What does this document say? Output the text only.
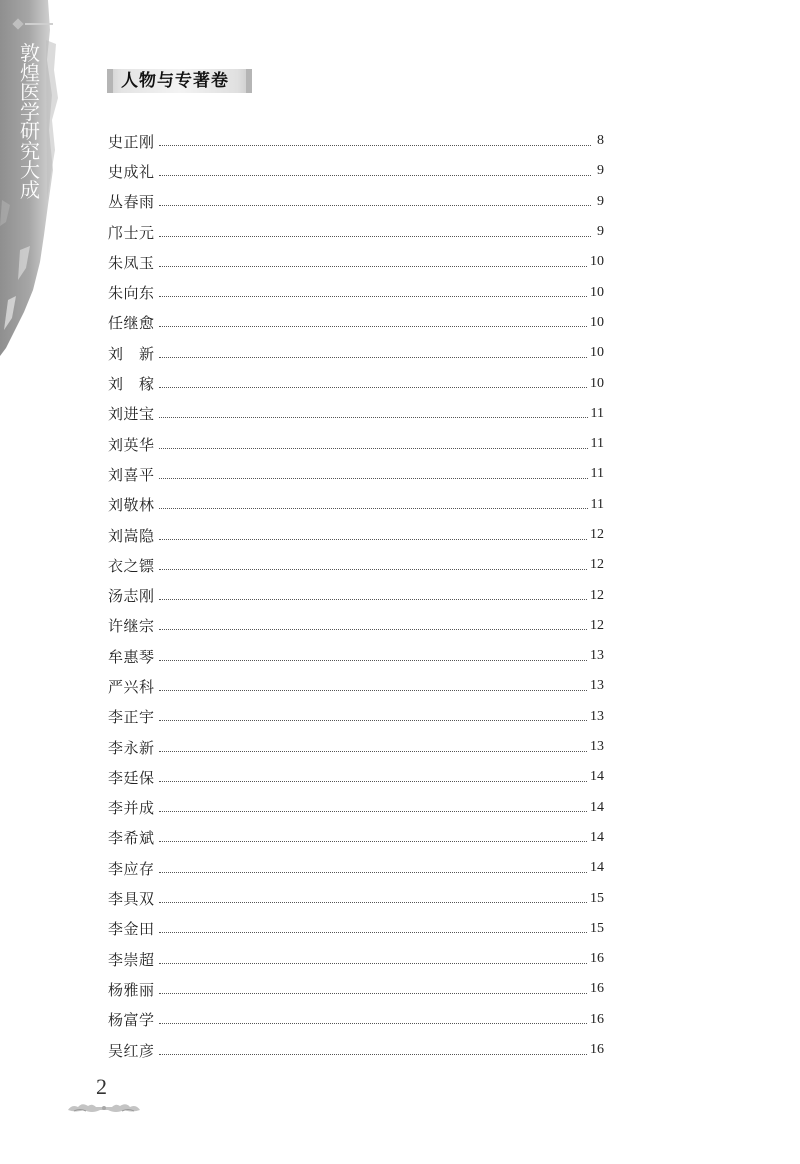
敦
煌
医
学
研
究
大
成
人物与专著卷
史正刚	8
史成礼	9
丛春雨	9
邝士元	9
朱凤玉	10
朱向东	10
任继愈	10
刘　新	10
刘　稼	10
刘进宝	11
刘英华	11
刘喜平	11
刘敬林	11
刘嵩隐	12
衣之镖	12
汤志刚	12
许继宗	12
牟惠琴	13
严兴科	13
李正宇	13
李永新	13
李廷保	14
李并成	14
李希斌	14
李应存	14
李具双	15
李金田	15
李崇超	16
杨雅丽	16
杨富学	16
吴红彦	16
2
